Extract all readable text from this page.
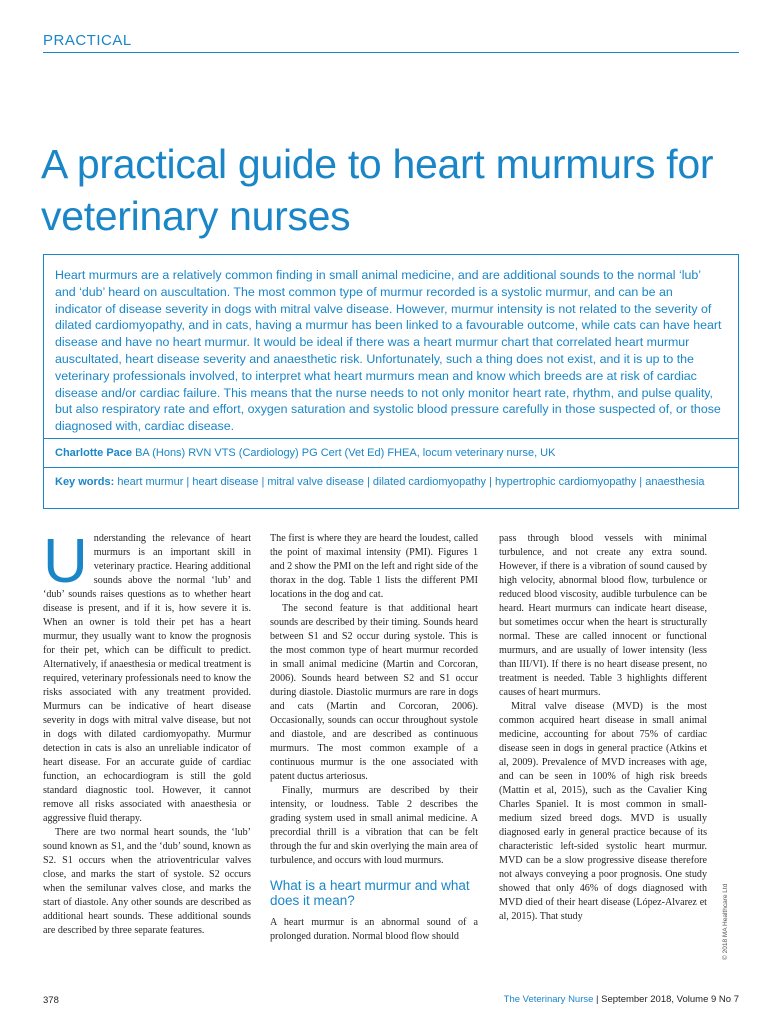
PRACTICAL
A practical guide to heart murmurs for veterinary nurses

Heart murmurs are a relatively common finding in small animal medicine, and are additional sounds to the normal ‘lub’ and ‘dub’ heard on auscultation. The most common type of murmur recorded is a systolic murmur, and can be an indicator of disease severity in dogs with mitral valve disease. However, murmur intensity is not related to the severity of dilated cardiomyopathy, and in cats, having a murmur has been linked to a favourable outcome, while cats can have heart disease and have no heart murmur. It would be ideal if there was a heart murmur chart that correlated heart murmur auscultated, heart disease severity and anaesthetic risk. Unfortunately, such a thing does not exist, and it is up to the veterinary professionals involved, to interpret what heart murmurs mean and know which breeds are at risk of cardiac disease and/or cardiac failure. This means that the nurse needs to not only monitor heart rate, rhythm, and pulse quality, but also respiratory rate and effort, oxygen saturation and systolic blood pressure carefully in those suspected of, or those diagnosed with, cardiac disease.

Charlotte Pace BA (Hons) RVN VTS (Cardiology) PG Cert (Vet Ed) FHEA, locum veterinary nurse, UK

Key words: heart murmur | heart disease | mitral valve disease | dilated cardiomyopathy | hypertrophic cardiomyopathy | anaesthesia

U nderstanding the relevance of heart murmurs is an important skill in veterinary practice. Hearing additional sounds above the normal ‘lub’ and ‘dub’ sounds raises questions as to whether heart disease is present, and if it is, how severe it is. When an owner is told their pet has a heart murmur, they usually want to know the prognosis for their pet, which can be difficult to predict. Alternatively, if anaesthesia or medical treatment is required, veterinary professionals need to know the risks associated with any treatment provided. Murmurs can be indicative of heart disease severity in dogs with mitral valve disease, but not in dogs with dilated cardiomyopathy. Murmur detection in cats is also an unreliable indicator of heart disease. For an accurate guide of cardiac function, an echocardiogram is still the gold standard diagnostic tool. However, it cannot remove all risks associated with anaesthesia or aggressive fluid therapy.

There are two normal heart sounds, the ‘lub’ sound known as S1, and the ‘dub’ sound, known as S2. S1 occurs when the atrioventricular valves close, and marks the start of systole. S2 occurs when the semilunar valves close, and marks the start of diastole. Any other sounds are described as additional heart sounds. These additional sounds are described by three separate features.

The first is where they are heard the loudest, called the point of maximal intensity (PMI). Figures 1 and 2 show the PMI on the left and right side of the thorax in the dog. Table 1 lists the different PMI locations in the dog and cat.

The second feature is that additional heart sounds are described by their timing. Sounds heard between S1 and S2 occur during systole. This is the most common type of heart murmur recorded in small animal medicine (Martin and Corcoran, 2006). Sounds heard between S2 and S1 occur during diastole. Diastolic murmurs are rare in dogs and cats (Martin and Corcoran, 2006). Occasionally, sounds can occur throughout systole and diastole, and are described as continuous murmurs. The most common example of a continuous murmur is the one associated with patent ductus arteriosus.

Finally, murmurs are described by their intensity, or loudness. Table 2 describes the grading system used in small animal medicine. A precordial thrill is a vibration that can be felt through the fur and skin overlying the main area of turbulence, and occurs with loud murmurs.

What is a heart murmur and what does it mean?

A heart murmur is an abnormal sound of a prolonged duration. Normal blood flow should

pass through blood vessels with minimal turbulence, and not create any extra sound. However, if there is a vibration of sound caused by high velocity, abnormal blood flow, turbulence or reduced blood viscosity, audible turbulence can be heard. Heart murmurs can indicate heart disease, but sometimes occur when the heart is structurally normal. These are called innocent or functional murmurs, and are usually of lower intensity (less than III/VI). If there is no heart disease present, no treatment is needed. Table 3 highlights different causes of heart murmurs.

Mitral valve disease (MVD) is the most common acquired heart disease in small animal medicine, accounting for about 75% of cardiac disease seen in dogs in general practice (Atkins et al, 2009). Prevalence of MVD increases with age, and can be seen in 100% of high risk breeds (Mattin et al, 2015), such as the Cavalier King Charles Spaniel. It is most common in small-medium sized breed dogs. MVD is usually diagnosed early in general practice because of its characteristic left-sided systolic heart murmur. MVD can be a slow progressive disease therefore not always conveying a poor prognosis. One study showed that only 46% of dogs diagnosed with MVD died of their heart disease (López-Alvarez et al, 2015). That study	© 2018 MA Healthcare Ltd
378	The Veterinary Nurse | September 2018, Volume 9 No 7
